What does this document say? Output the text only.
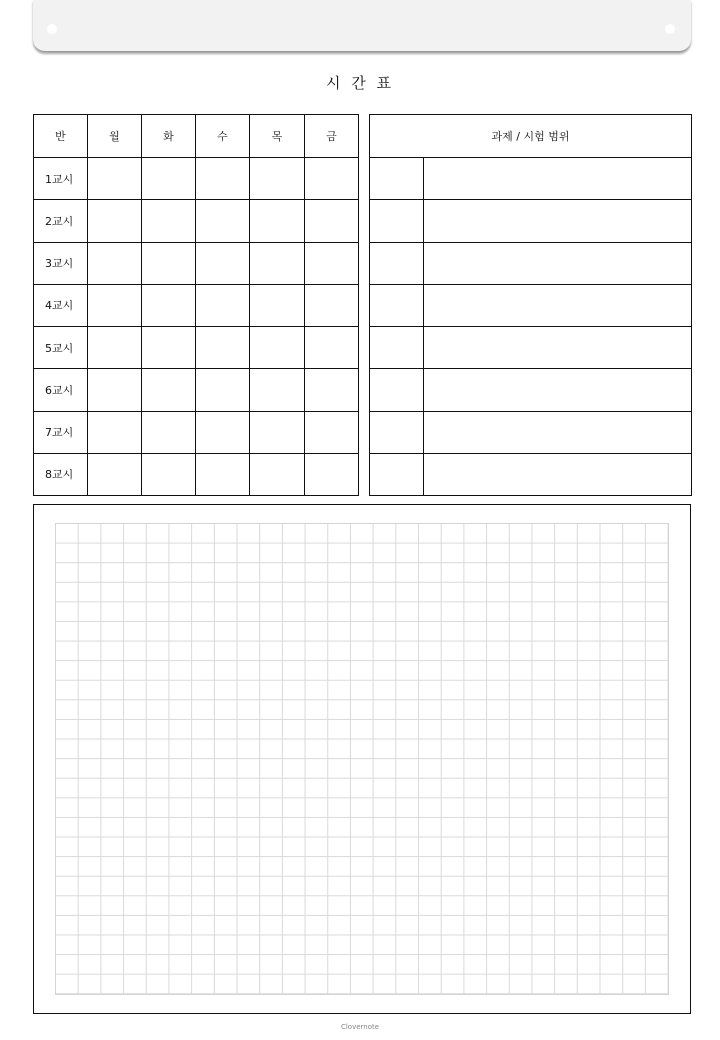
시 간 표
반	월	화	수	목	금
1교시					
2교시					
3교시					
4교시					
5교시					
6교시					
7교시					
8교시					
과제 / 시험 범위	

Clovernote
